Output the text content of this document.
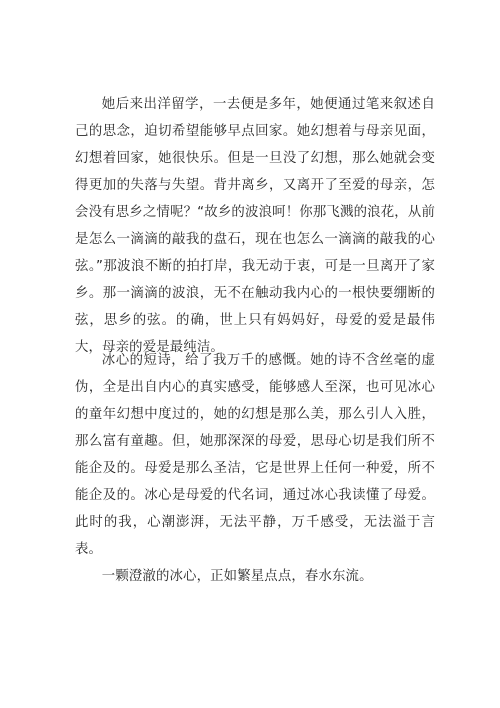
她后来出洋留学，一去便是多年，她便通过笔来叙述自己的思念，迫切希望能够早点回家。她幻想着与母亲见面，幻想着回家，她很快乐。但是一旦没了幻想，那么她就会变得更加的失落与失望。背井离乡，又离开了至爱的母亲，怎会没有思乡之情呢？“故乡的波浪呵！你那飞溅的浪花，从前是怎么一滴滴的敲我的盘石，现在也怎么一滴滴的敲我的心弦。”那波浪不断的拍打岸，我无动于衷，可是一旦离开了家乡。那一滴滴的波浪，无不在触动我内心的一根快要绷断的弦，思乡的弦。的确，世上只有妈妈好，母爱的爱是最伟大，母亲的爱是最纯洁。

冰心的短诗，给了我万千的感慨。她的诗不含丝毫的虚伪，全是出自内心的真实感受，能够感人至深，也可见冰心的童年幻想中度过的，她的幻想是那么美，那么引人入胜，那么富有童趣。但，她那深深的母爱，思母心切是我们所不能企及的。母爱是那么圣洁，它是世界上任何一种爱，所不能企及的。冰心是母爱的代名词，通过冰心我读懂了母爱。此时的我，心潮澎湃，无法平静，万千感受，无法溢于言表。

一颗澄澈的冰心，正如繁星点点，春水东流。
